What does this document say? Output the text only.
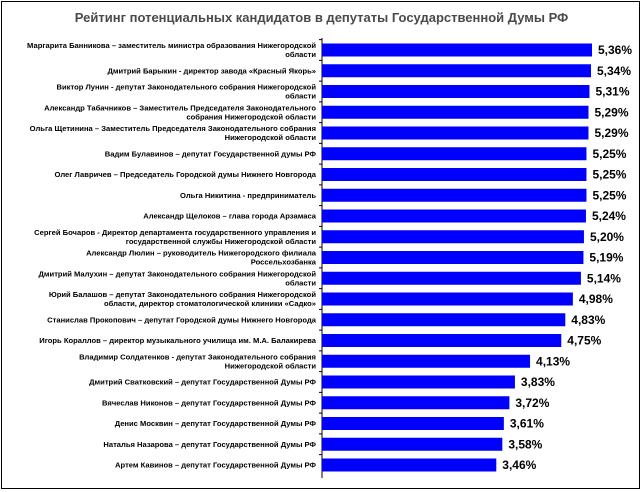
Рейтинг потенциальных кандидатов в депутаты Государственной Думы РФ
Маргарита Банникова – заместитель министра образования Нижегородской области	5,36%
Дмитрий Барыкин - директор завода «Красный Якорь»	5,34%
Виктор Лунин - депутат Законодательного собрания Нижегородской области	5,31%
Александр Табачников – Заместитель Председателя Законодательного собрания Нижегородской области	5,29%
Ольга Щетинина – Заместитель Председателя Законодательного собрания Нижегородской области	5,29%
Вадим Булавинов – депутат Государственной думы РФ	5,25%
Олег Лавричев – Председатель Городской думы Нижнего Новгорода	5,25%
Ольга Никитина - предприниматель	5,25%
Александр Щелоков – глава города Арзамаса	5,24%
Сергей Бочаров - Директор департамента государственного управления и государственной службы Нижегородской области	5,20%
Александр Люлин – руководитель Нижегородского филиала Россельхозбанка	5,19%
Дмитрий Малухин – депутат Законодательного собрания Нижегородской области	5,14%
Юрий Балашов – депутат Законодательного собрания Нижегородской области, директор стоматологической клиники «Садко»	4,98%
Станислав Прокопович – депутат Городской думы Нижнего Новгорода	4,83%
Игорь Кораллов – директор музыкального училища им. М.А. Балакирева	4,75%
Владимир Солдатенков - депутат Законодательного собрания Нижегородской области	4,13%
Дмитрий Сватковский – депутат Государственной Думы РФ	3,83%
Вячеслав Никонов – депутат Государственной Думы РФ	3,72%
Денис Москвин – депутат Государственной Думы РФ	3,61%
Наталья Назарова – депутат Государственной Думы РФ	3,58%
Артем Кавинов – депутат Государственной Думы РФ	3,46%
